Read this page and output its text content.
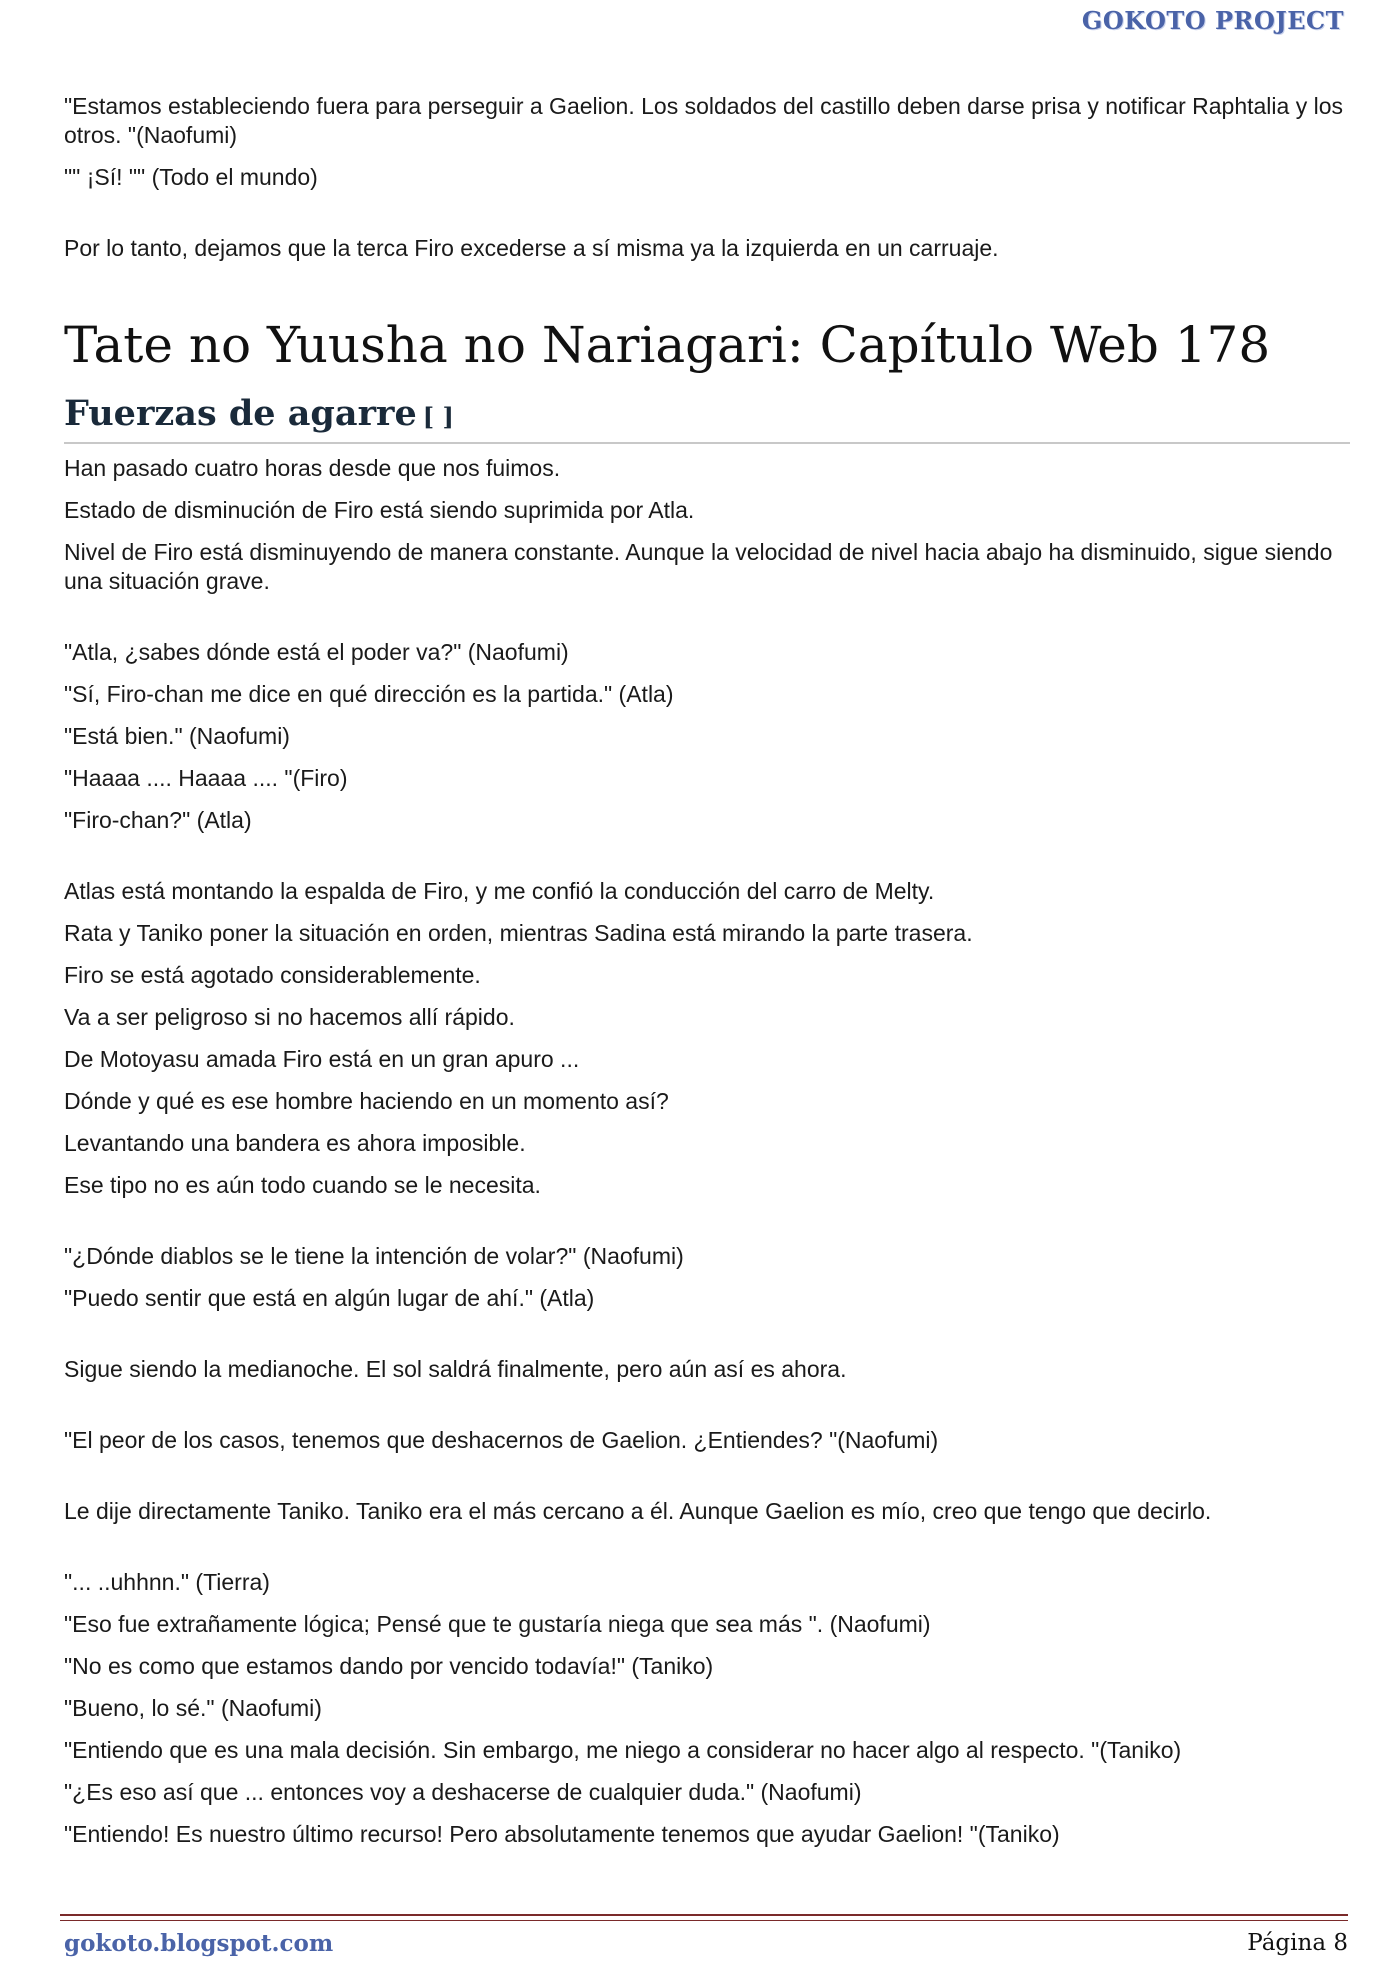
GOKOTO PROJECT

"Estamos estableciendo fuera para perseguir a Gaelion. Los soldados del castillo deben darse prisa y notificar Raphtalia y los otros. "(Naofumi)

"" ¡Sí! "" (Todo el mundo)

Por lo tanto, dejamos que la terca Firo excederse a sí misma ya la izquierda en un carruaje.

Tate no Yuusha no Nariagari: Capítulo Web 178
Fuerzas de agarre [ ]

Han pasado cuatro horas desde que nos fuimos.

Estado de disminución de Firo está siendo suprimida por Atla.

Nivel de Firo está disminuyendo de manera constante. Aunque la velocidad de nivel hacia abajo ha disminuido, sigue siendo una situación grave.

"Atla, ¿sabes dónde está el poder va?" (Naofumi)

"Sí, Firo-chan me dice en qué dirección es la partida." (Atla)

"Está bien." (Naofumi)

"Haaaa .... Haaaa .... "(Firo)

"Firo-chan?" (Atla)

Atlas está montando la espalda de Firo, y me confió la conducción del carro de Melty.

Rata y Taniko poner la situación en orden, mientras Sadina está mirando la parte trasera.

Firo se está agotado considerablemente.

Va a ser peligroso si no hacemos allí rápido.

De Motoyasu amada Firo está en un gran apuro ...

Dónde y qué es ese hombre haciendo en un momento así?

Levantando una bandera es ahora imposible.

Ese tipo no es aún todo cuando se le necesita.

"¿Dónde diablos se le tiene la intención de volar?" (Naofumi)

"Puedo sentir que está en algún lugar de ahí." (Atla)

Sigue siendo la medianoche. El sol saldrá finalmente, pero aún así es ahora.

"El peor de los casos, tenemos que deshacernos de Gaelion. ¿Entiendes? "(Naofumi)

Le dije directamente Taniko. Taniko era el más cercano a él. Aunque Gaelion es mío, creo que tengo que decirlo.

"... ..uhhnn." (Tierra)

"Eso fue extrañamente lógica; Pensé que te gustaría niega que sea más ". (Naofumi)

"No es como que estamos dando por vencido todavía!" (Taniko)

"Bueno, lo sé." (Naofumi)

"Entiendo que es una mala decisión. Sin embargo, me niego a considerar no hacer algo al respecto. "(Taniko)

"¿Es eso así que ... entonces voy a deshacerse de cualquier duda." (Naofumi)

"Entiendo! Es nuestro último recurso! Pero absolutamente tenemos que ayudar Gaelion! "(Taniko)

gokoto.blogspot.com	Página 8
